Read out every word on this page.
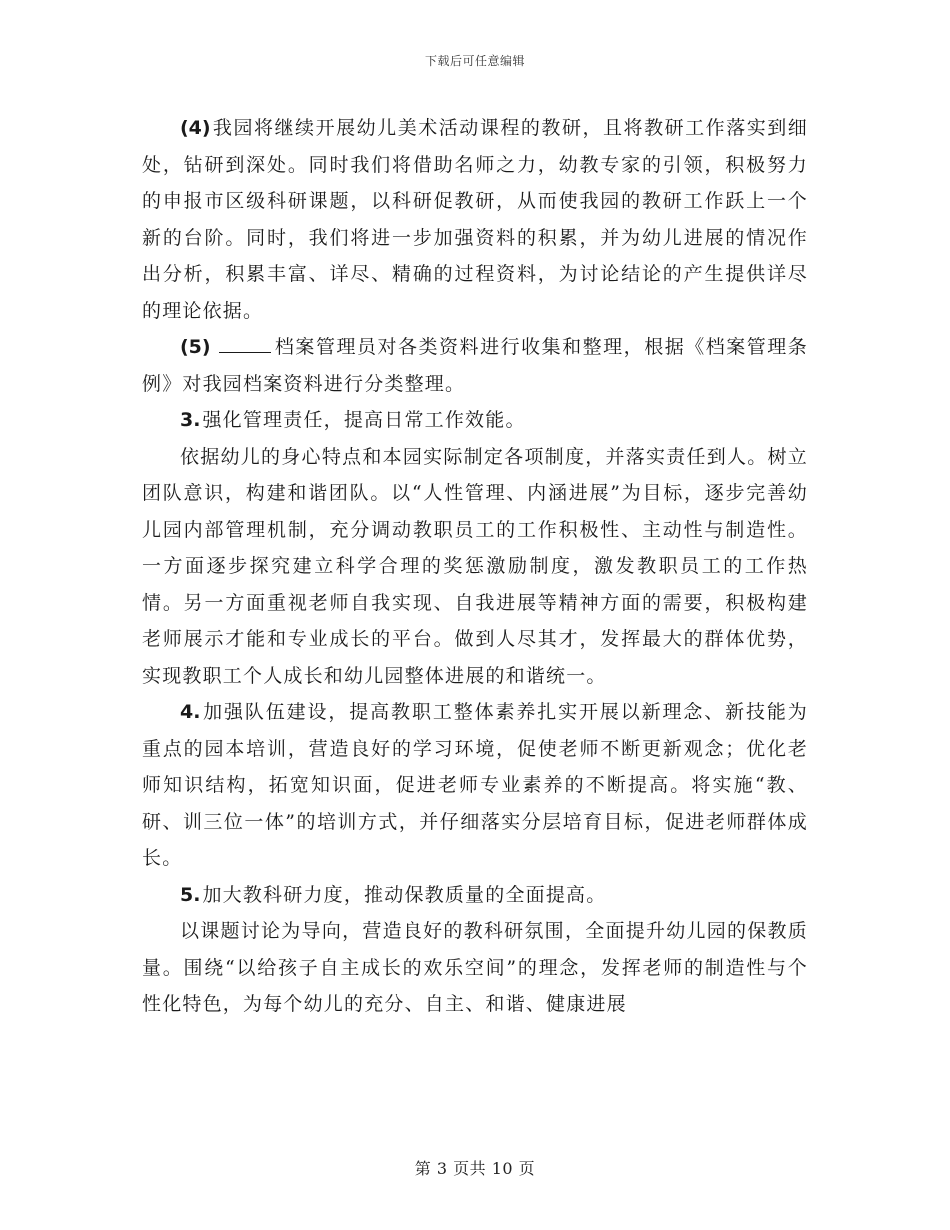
下载后可任意编辑

(4) 我园将继续开展幼儿美术活动课程的教研，且将教研工作落实到细处，钻研到深处。同时我们将借助名师之力，幼教专家的引领，积极努力的申报市区级科研课题，以科研促教研，从而使我园的教研工作跃上一个新的台阶。同时，我们将进一步加强资料的积累，并为幼儿进展的情况作出分析，积累丰富、详尽、精确的过程资料，为讨论结论的产生提供详尽的理论依据。

(5)	档案管理员对各类资料进行收集和整理，根据《档案管理条例》对我园档案资料进行分类整理。

3. 强化管理责任，提高日常工作效能。

依据幼儿的身心特点和本园实际制定各项制度，并落实责任到人。树立团队意识，构建和谐团队。以“人性管理、内涵进展”为目标，逐步完善幼儿园内部管理机制，充分调动教职员工的工作积极性、主动性与制造性。一方面逐步探究建立科学合理的奖惩激励制度，激发教职员工的工作热情。另一方面重视老师自我实现、自我进展等精神方面的需要，积极构建老师展示才能和专业成长的平台。做到人尽其才，发挥最大的群体优势，实现教职工个人成长和幼儿园整体进展的和谐统一。

4. 加强队伍建设，提高教职工整体素养扎实开展以新理念、新技能为重点的园本培训，营造良好的学习环境，促使老师不断更新观念；优化老师知识结构，拓宽知识面，促进老师专业素养的不断提高。将实施“教、研、训三位一体”的培训方式，并仔细落实分层培育目标，促进老师群体成长。

5. 加大教科研力度，推动保教质量的全面提高。

以课题讨论为导向，营造良好的教科研氛围，全面提升幼儿园的保教质量。围绕“以给孩子自主成长的欢乐空间”的理念，发挥老师的制造性与个性化特色，为每个幼儿的充分、自主、和谐、健康进展

第 3 页共 10 页
